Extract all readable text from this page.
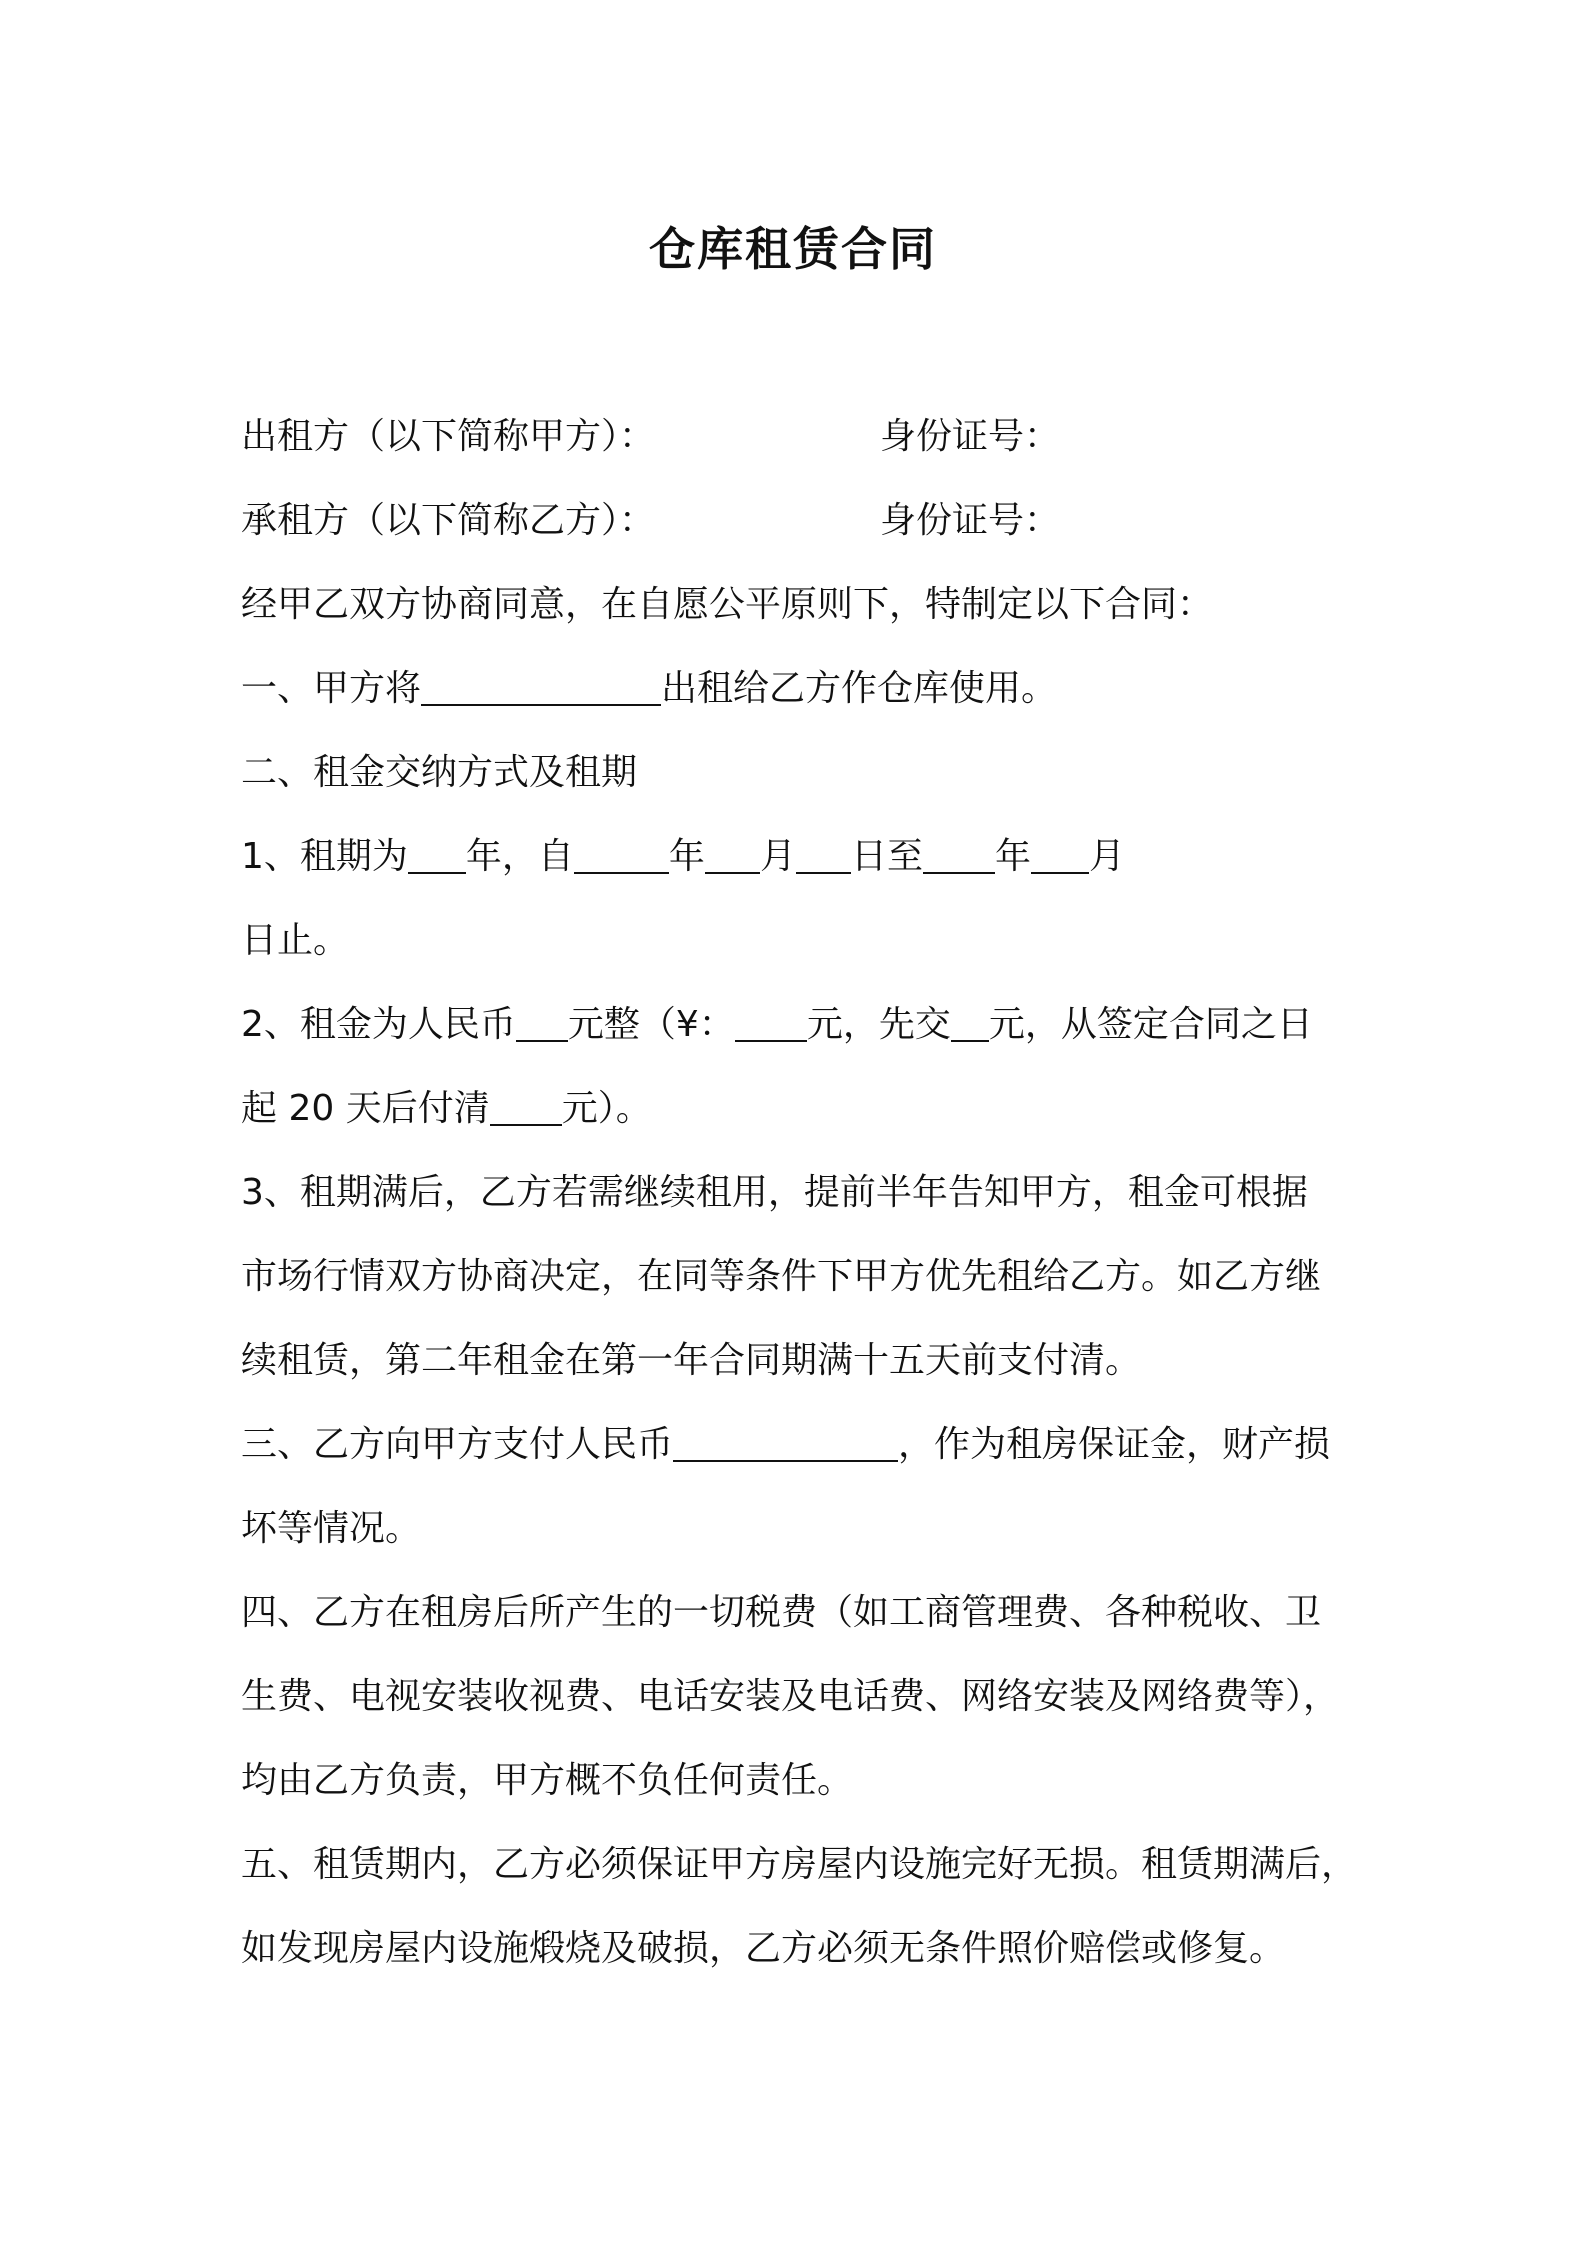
仓库租赁合同
出租方（以下简称甲方）：	身份证号：
承租方（以下简称乙方）：	身份证号：
经甲乙双方协商同意，在自愿公平原则下，特制定以下合同：
一、甲方将	出租给乙方作仓库使用。
二、租金交纳方式及租期
1、租期为 年，自	年 月 日至 年 月
日止。
2、租金为人民币 元整（¥： 元，先交 元，从签定合同之日
起 20 天后付清 元）。
3、租期满后，乙方若需继续租用，提前半年告知甲方，租金可根据
市场行情双方协商决定，在同等条件下甲方优先租给乙方。如乙方继
续租赁，第二年租金在第一年合同期满十五天前支付清。
三、乙方向甲方支付人民币	，作为租房保证金，财产损
坏等情况。
四、乙方在租房后所产生的一切税费（如工商管理费、各种税收、卫
生费、电视安装收视费、电话安装及电话费、网络安装及网络费等），
均由乙方负责，甲方概不负任何责任。
五、租赁期内，乙方必须保证甲方房屋内设施完好无损。租赁期满后，
如发现房屋内设施煅烧及破损，乙方必须无条件照价赔偿或修复。
